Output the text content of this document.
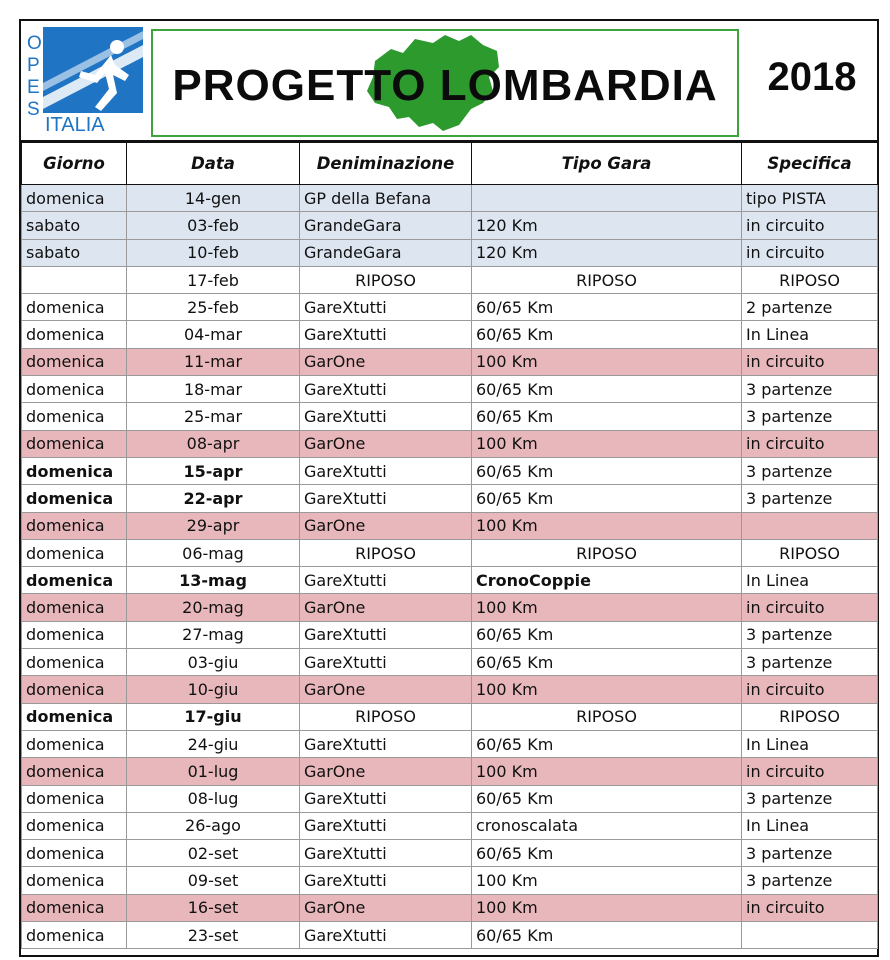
O
P
E
S
ITALIA
PROGETTO LOMBARDIA	2018
Giorno	Data	Deniminazione	Tipo Gara	Specifica
domenica	14-gen	GP della Befana		tipo PISTA
sabato	03-feb	GrandeGara	120 Km	in circuito
sabato	10-feb	GrandeGara	120 Km	in circuito
	17-feb	RIPOSO	RIPOSO	RIPOSO
domenica	25-feb	GareXtutti	60/65 Km	2 partenze
domenica	04-mar	GareXtutti	60/65 Km	In Linea
domenica	11-mar	GarOne	100 Km	in circuito
domenica	18-mar	GareXtutti	60/65 Km	3 partenze
domenica	25-mar	GareXtutti	60/65 Km	3 partenze
domenica	08-apr	GarOne	100 Km	in circuito
domenica	15-apr	GareXtutti	60/65 Km	3 partenze
domenica	22-apr	GareXtutti	60/65 Km	3 partenze
domenica	29-apr	GarOne	100 Km	
domenica	06-mag	RIPOSO	RIPOSO	RIPOSO
domenica	13-mag	GareXtutti	CronoCoppie	In Linea
domenica	20-mag	GarOne	100 Km	in circuito
domenica	27-mag	GareXtutti	60/65 Km	3 partenze
domenica	03-giu	GareXtutti	60/65 Km	3 partenze
domenica	10-giu	GarOne	100 Km	in circuito
domenica	17-giu	RIPOSO	RIPOSO	RIPOSO
domenica	24-giu	GareXtutti	60/65 Km	In Linea
domenica	01-lug	GarOne	100 Km	in circuito
domenica	08-lug	GareXtutti	60/65 Km	3 partenze
domenica	26-ago	GareXtutti	cronoscalata	In Linea
domenica	02-set	GareXtutti	60/65 Km	3 partenze
domenica	09-set	GareXtutti	100 Km	3 partenze
domenica	16-set	GarOne	100 Km	in circuito
domenica	23-set	GareXtutti	60/65 Km	
